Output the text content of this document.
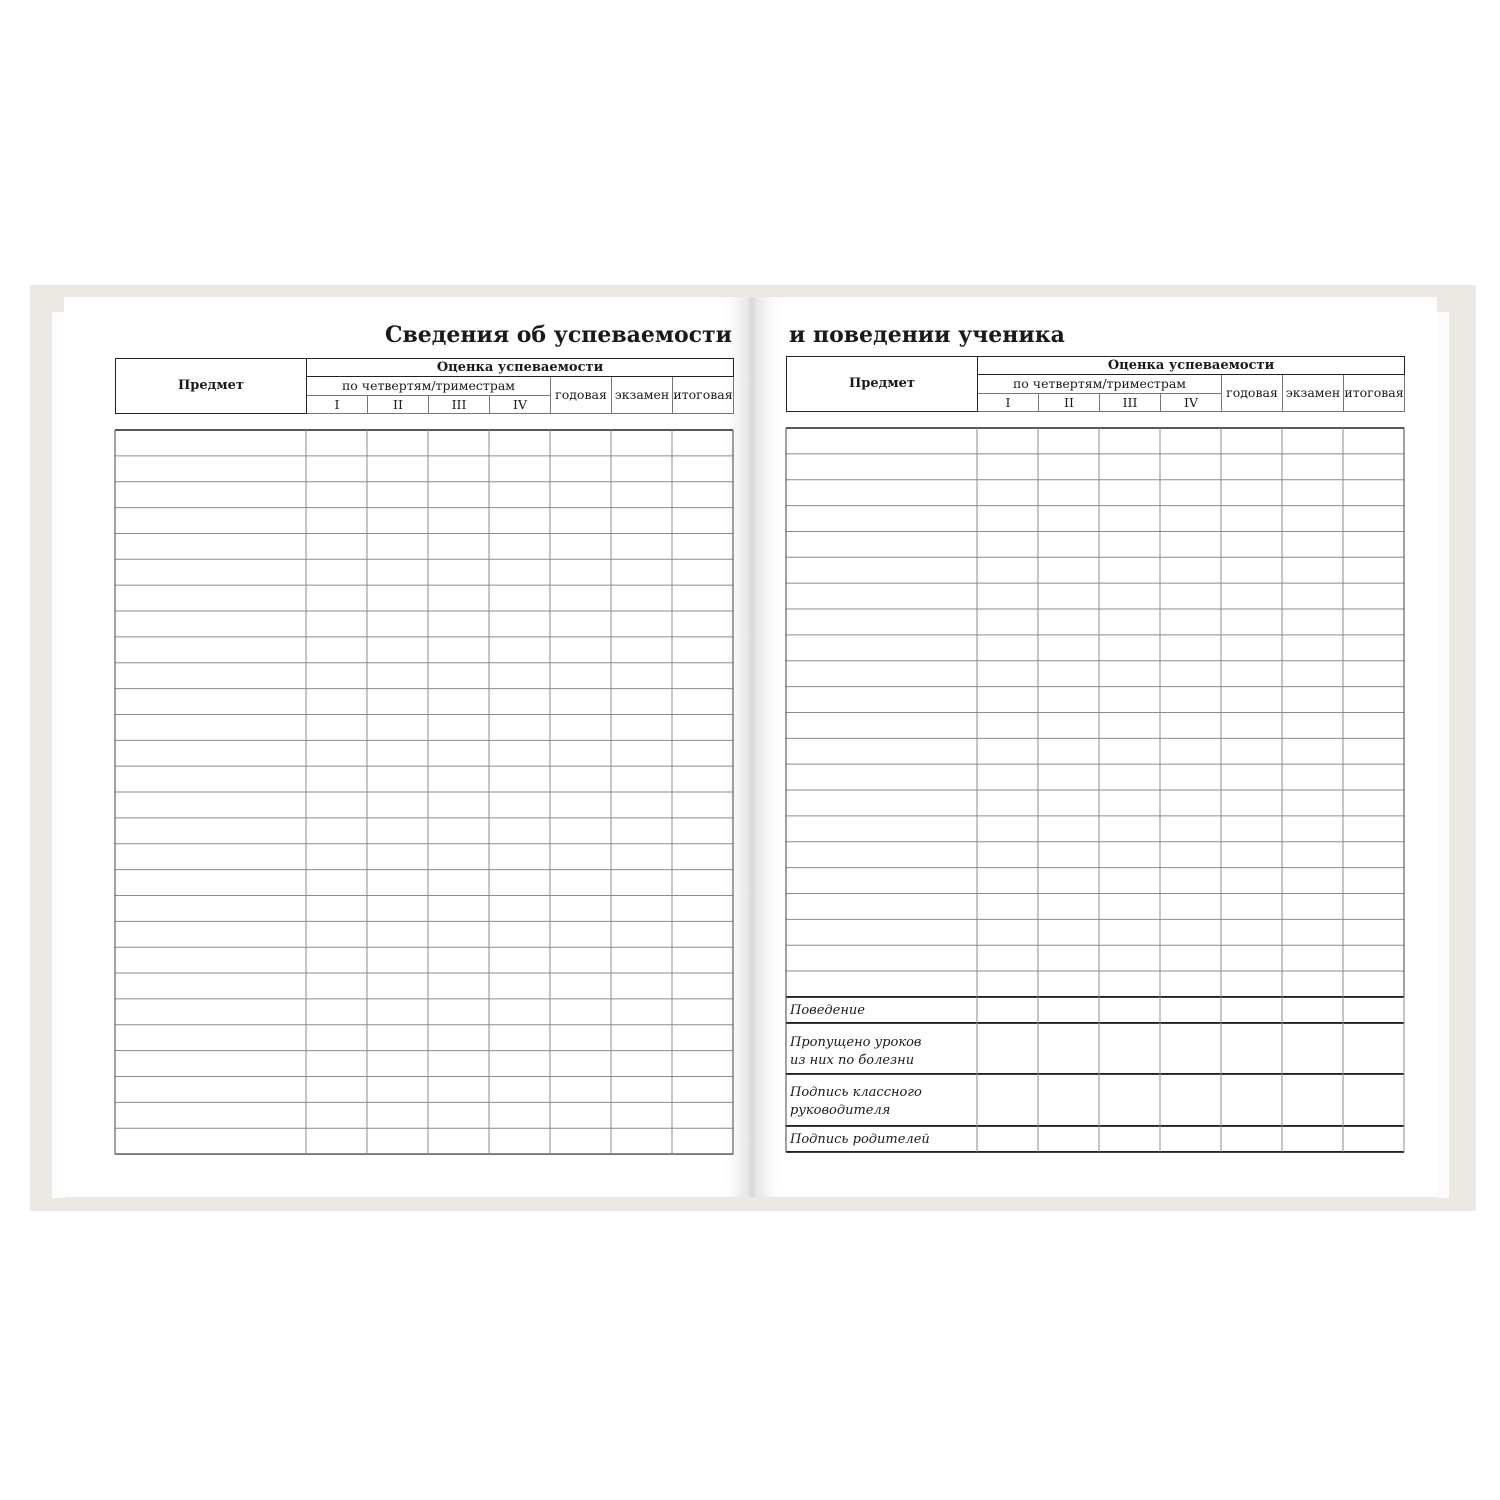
Сведения об успеваемости	и поведении ученика
Предмет	Оценка успеваемости						
	по четвертям/триместрам				годовая	экзамен	итоговая
	I	II	III	IV			
Предмет	Оценка успеваемости						
	по четвертям/триместрам				годовая	экзамен	итоговая
	I	II	III	IV			
Поведение
Пропущено уроков
из них по болезни
Подпись классного
руководителя
Подпись родителей
